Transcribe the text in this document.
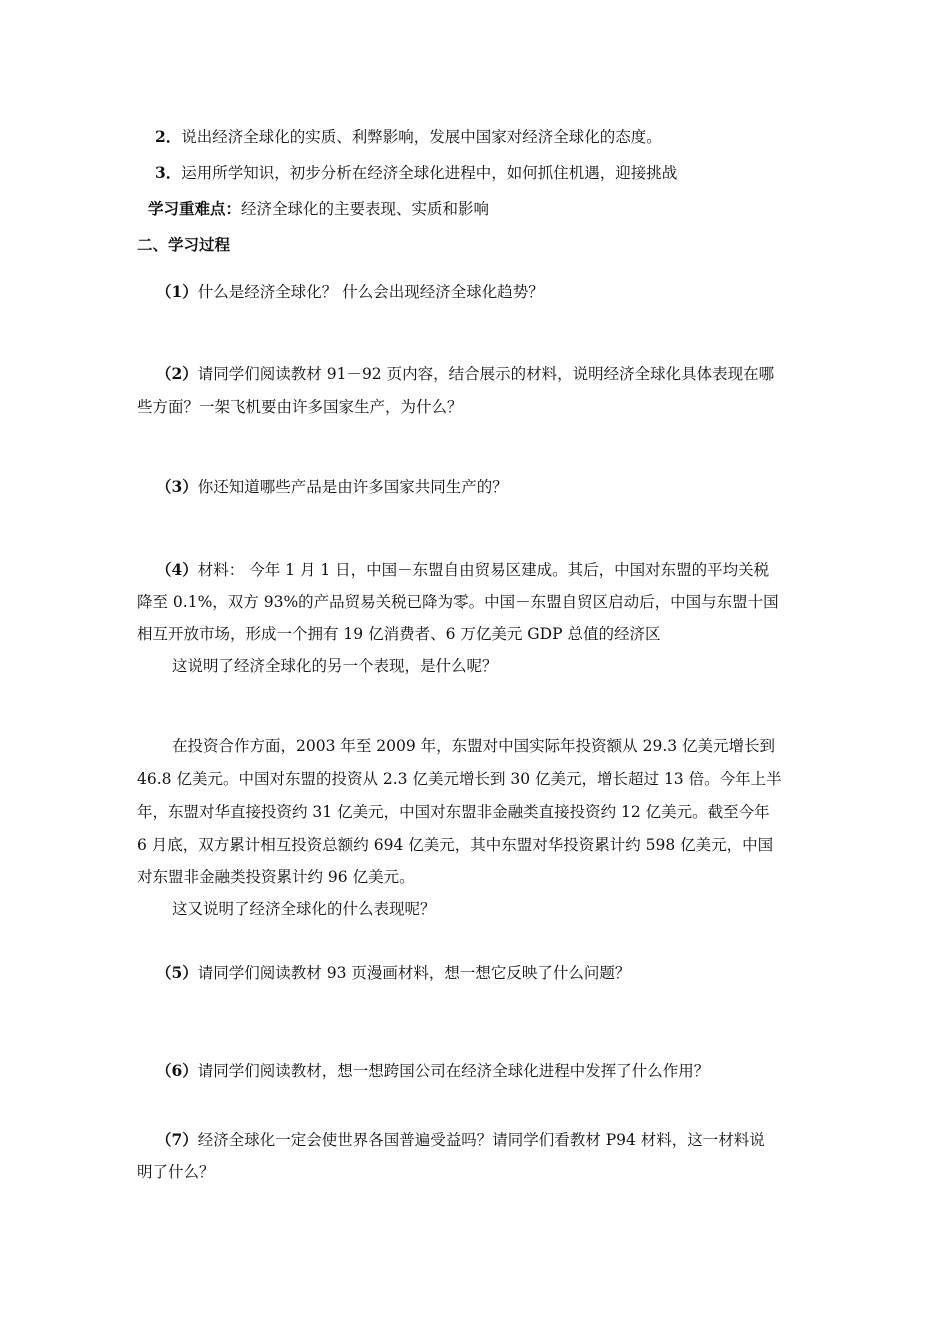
2．说出经济全球化的实质、利弊影响，发展中国家对经济全球化的态度。
3．运用所学知识，初步分析在经济全球化进程中，如何抓住机遇，迎接挑战
学习重难点：经济全球化的主要表现、实质和影响
二、学习过程
（1）什么是经济全球化？ 什么会出现经济全球化趋势？
（2）请同学们阅读教材 91－92 页内容，结合展示的材料，说明经济全球化具体表现在哪
些方面？一架飞机要由许多国家生产，为什么？
（3）你还知道哪些产品是由许多国家共同生产的？
（4）材料： 今年 1 月 1 日，中国－东盟自由贸易区建成。其后，中国对东盟的平均关税
降至 0.1%，双方 93%的产品贸易关税已降为零。中国－东盟自贸区启动后，中国与东盟十国
相互开放市场，形成一个拥有 19 亿消费者、6 万亿美元 GDP 总值的经济区
这说明了经济全球化的另一个表现，是什么呢？
在投资合作方面，2003 年至 2009 年，东盟对中国实际年投资额从 29.3 亿美元增长到
46.8 亿美元。中国对东盟的投资从 2.3 亿美元增长到 30 亿美元，增长超过 13 倍。今年上半
年，东盟对华直接投资约 31 亿美元，中国对东盟非金融类直接投资约 12 亿美元。截至今年
6 月底，双方累计相互投资总额约 694 亿美元，其中东盟对华投资累计约 598 亿美元，中国
对东盟非金融类投资累计约 96 亿美元。
这又说明了经济全球化的什么表现呢？
（5）请同学们阅读教材 93 页漫画材料，想一想它反映了什么问题？
（6）请同学们阅读教材，想一想跨国公司在经济全球化进程中发挥了什么作用？
（7）经济全球化一定会使世界各国普遍受益吗？请同学们看教材 P94 材料，这一材料说
明了什么？
